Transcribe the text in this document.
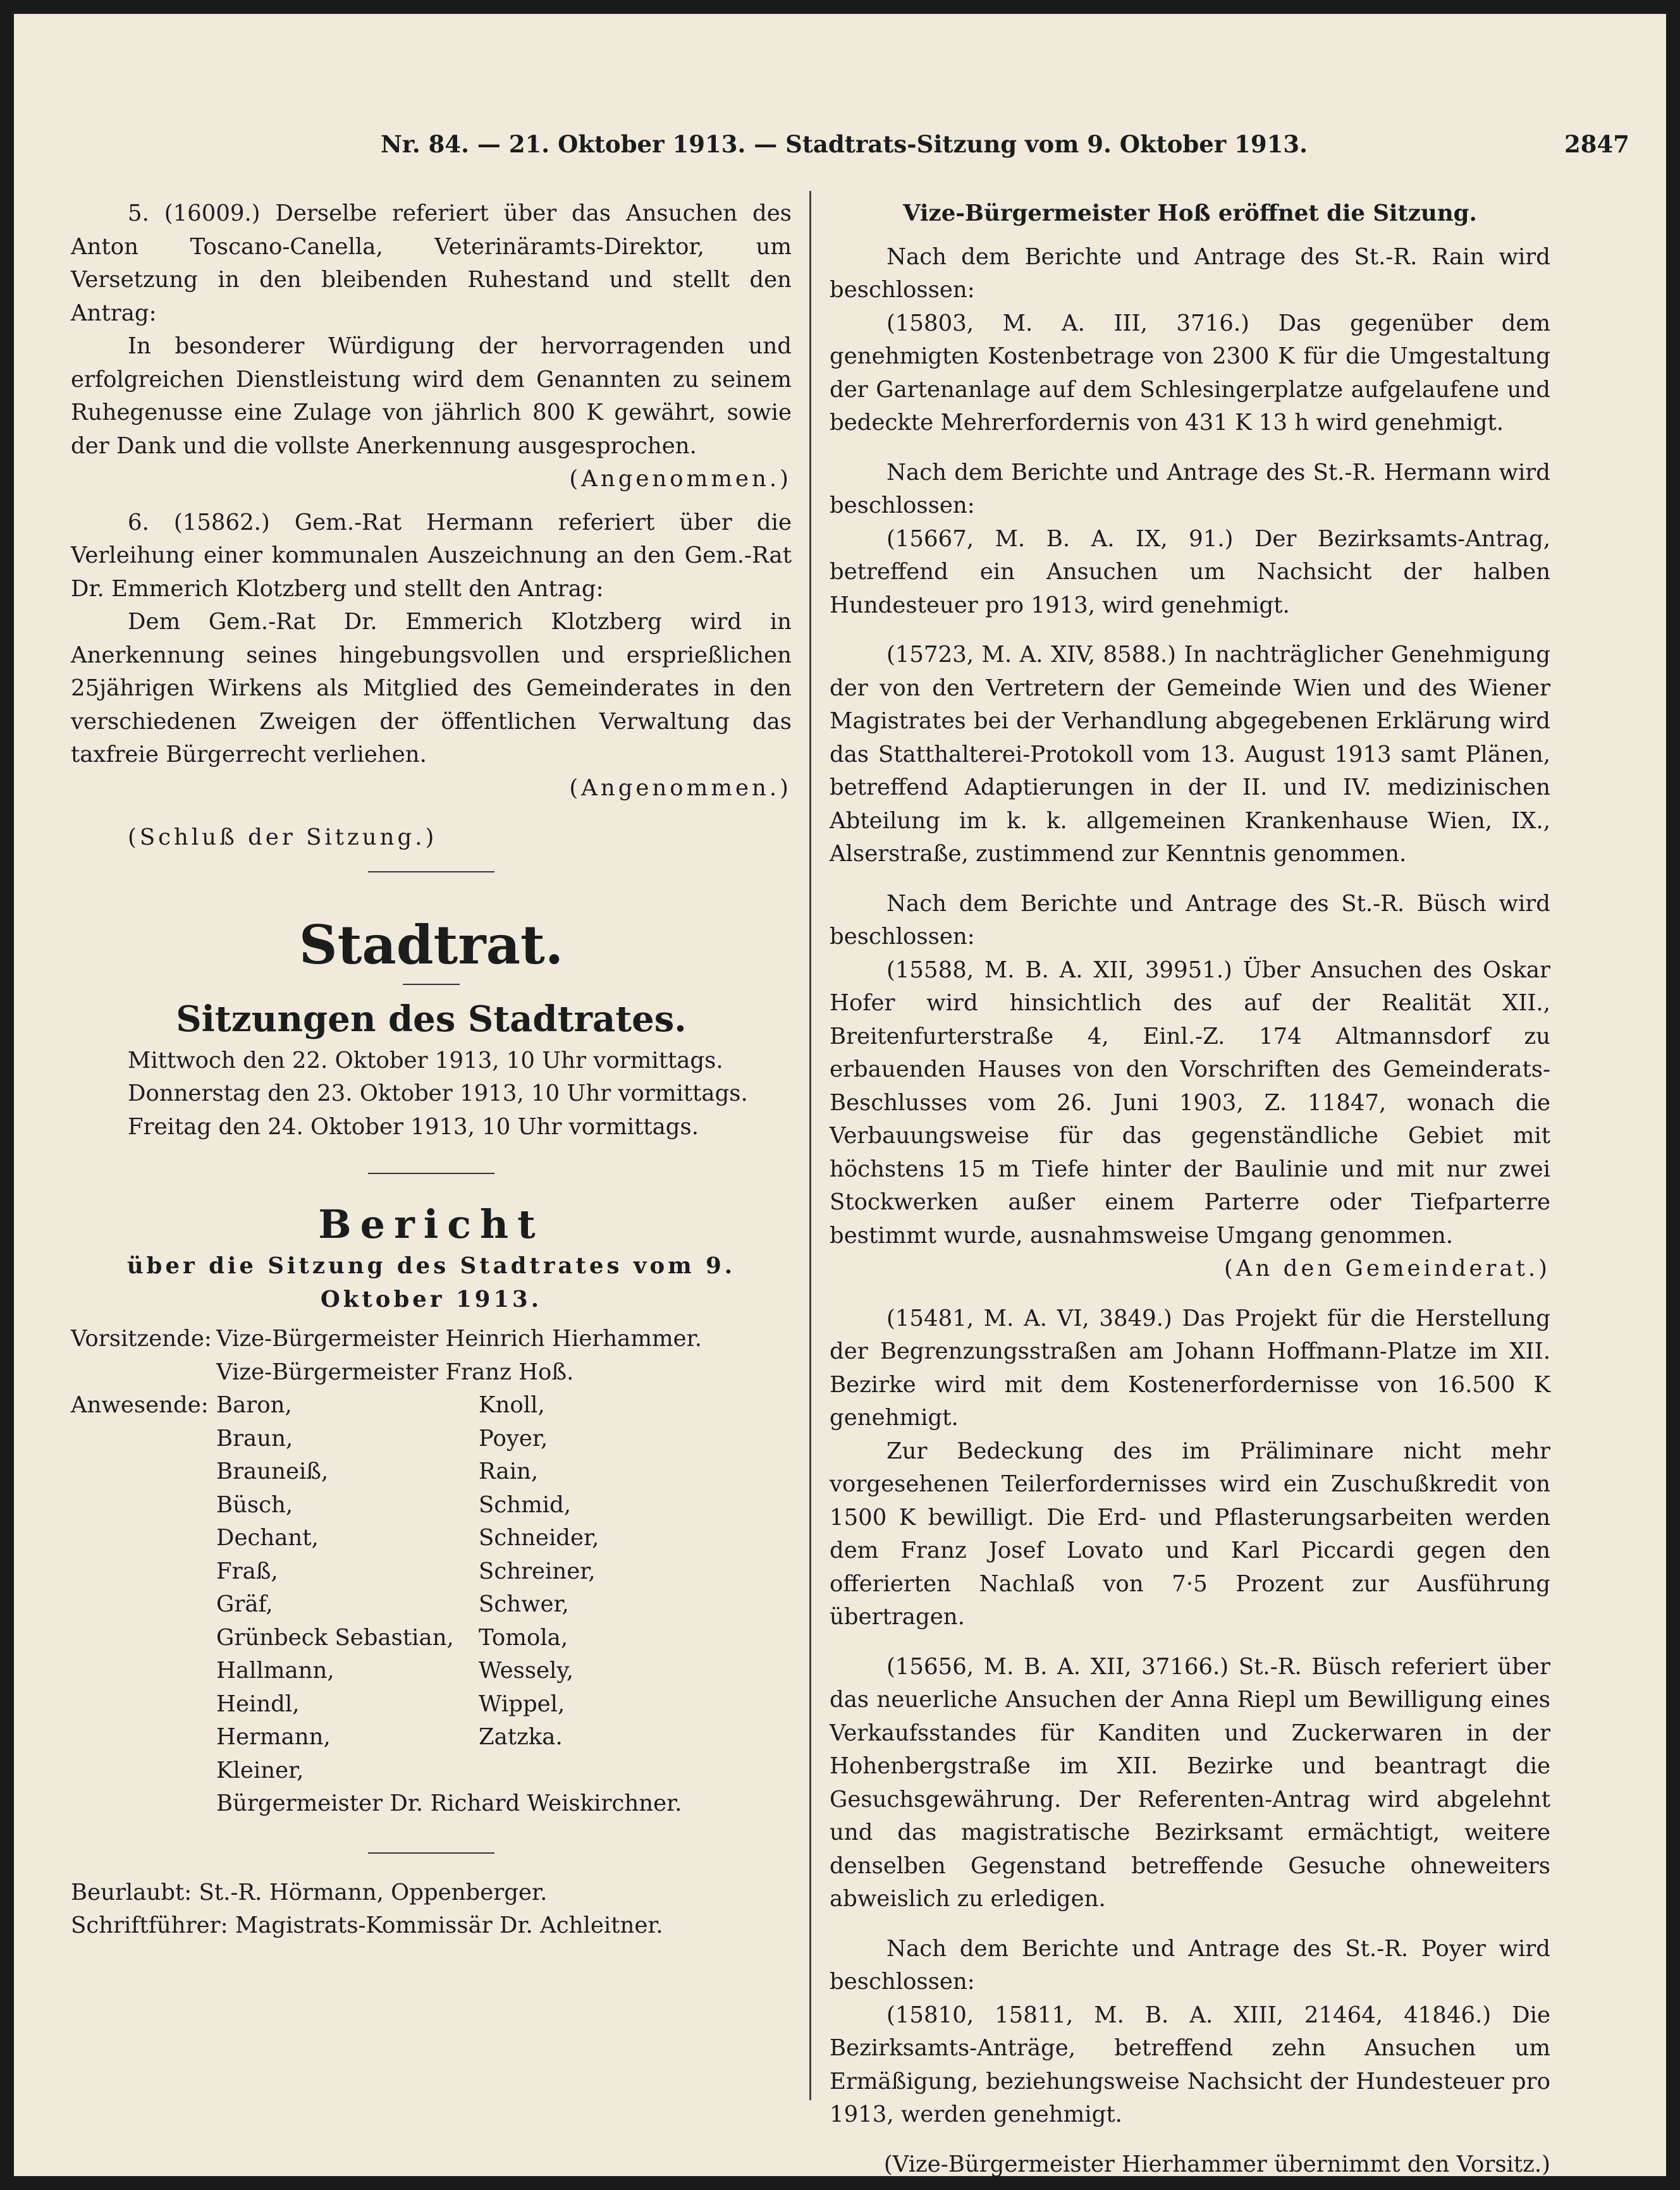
Nr. 84. — 21. Oktober 1913. — Stadtrats-Sitzung vom 9. Oktober 1913.	2847

5. (16009.) Derselbe referiert über das Ansuchen des Anton Toscano-Canella, Veterinäramts-Direktor, um Versetzung in den bleibenden Ruhestand und stellt den Antrag:

In besonderer Würdigung der hervorragenden und erfolgreichen Dienstleistung wird dem Genannten zu seinem Ruhegenusse eine Zulage von jährlich 800 K gewährt, sowie der Dank und die vollste Anerkennung ausgesprochen.

(Angenommen.)

6. (15862.) Gem.-Rat Hermann referiert über die Verleihung einer kommunalen Auszeichnung an den Gem.-Rat Dr. Emmerich Klotzberg und stellt den Antrag:

Dem Gem.-Rat Dr. Emmerich Klotzberg wird in Anerkennung seines hingebungsvollen und ersprießlichen 25jährigen Wirkens als Mitglied des Gemeinderates in den verschiedenen Zweigen der öffentlichen Verwaltung das taxfreie Bürgerrecht verliehen.

(Angenommen.)

(Schluß der Sitzung.)

Stadtrat.
Sitzungen des Stadtrates.

Mittwoch den 22. Oktober 1913, 10 Uhr vormittags.

Donnerstag den 23. Oktober 1913, 10 Uhr vormittags.

Freitag den 24. Oktober 1913, 10 Uhr vormittags.

Bericht

über die Sitzung des Stadtrates vom 9. Oktober 1913.

Vorsitzende: Vize-Bürgermeister Heinrich Hierhammer.
Vize-Bürgermeister Franz Hoß.
Anwesende: Baron,
Braun,
Brauneiß,
Büsch,
Dechant,
Fraß,
Gräf,
Grünbeck Sebastian,
Hallmann,
Heindl,
Hermann,
Kleiner,
Knoll,
Poyer,
Rain,
Schmid,
Schneider,
Schreiner,
Schwer,
Tomola,
Wessely,
Wippel,
Zatzka.
Bürgermeister Dr. Richard Weiskirchner.

Beurlaubt: St.-R. Hörmann, Oppenberger.

Schriftführer: Magistrats-Kommissär Dr. Achleitner.

Vize-Bürgermeister Hoß eröffnet die Sitzung.

Nach dem Berichte und Antrage des St.-R. Rain wird beschlossen:

(15803, M. A. III, 3716.) Das gegenüber dem genehmigten Kostenbetrage von 2300 K für die Umgestaltung der Gartenanlage auf dem Schlesingerplatze aufgelaufene und bedeckte Mehrerfordernis von 431 K 13 h wird genehmigt.

Nach dem Berichte und Antrage des St.-R. Hermann wird beschlossen:

(15667, M. B. A. IX, 91.) Der Bezirksamts-Antrag, betreffend ein Ansuchen um Nachsicht der halben Hundesteuer pro 1913, wird genehmigt.

(15723, M. A. XIV, 8588.) In nachträglicher Genehmigung der von den Vertretern der Gemeinde Wien und des Wiener Magistrates bei der Verhandlung abgegebenen Erklärung wird das Statthalterei-Protokoll vom 13. August 1913 samt Plänen, betreffend Adaptierungen in der II. und IV. medizinischen Abteilung im k. k. allgemeinen Krankenhause Wien, IX., Alserstraße, zustimmend zur Kenntnis genommen.

Nach dem Berichte und Antrage des St.-R. Büsch wird beschlossen:

(15588, M. B. A. XII, 39951.) Über Ansuchen des Oskar Hofer wird hinsichtlich des auf der Realität XII., Breitenfurterstraße 4, Einl.-Z. 174 Altmannsdorf zu erbauenden Hauses von den Vorschriften des Gemeinderats-Beschlusses vom 26. Juni 1903, Z. 11847, wonach die Verbauungsweise für das gegenständliche Gebiet mit höchstens 15 m Tiefe hinter der Baulinie und mit nur zwei Stockwerken außer einem Parterre oder Tiefparterre bestimmt wurde, ausnahmsweise Umgang genommen.

(An den Gemeinderat.)

(15481, M. A. VI, 3849.) Das Projekt für die Herstellung der Begrenzungsstraßen am Johann Hoffmann-Platze im XII. Bezirke wird mit dem Kostenerfordernisse von 16.500 K genehmigt.

Zur Bedeckung des im Präliminare nicht mehr vorgesehenen Teilerfordernisses wird ein Zuschußkredit von 1500 K bewilligt. Die Erd- und Pflasterungsarbeiten werden dem Franz Josef Lovato und Karl Piccardi gegen den offerierten Nachlaß von 7·5 Prozent zur Ausführung übertragen.

(15656, M. B. A. XII, 37166.) St.-R. Büsch referiert über das neuerliche Ansuchen der Anna Riepl um Bewilligung eines Verkaufsstandes für Kanditen und Zuckerwaren in der Hohenbergstraße im XII. Bezirke und beantragt die Gesuchsgewährung. Der Referenten-Antrag wird abgelehnt und das magistratische Bezirksamt ermächtigt, weitere denselben Gegenstand betreffende Gesuche ohneweiters abweislich zu erledigen.

Nach dem Berichte und Antrage des St.-R. Poyer wird beschlossen:

(15810, 15811, M. B. A. XIII, 21464, 41846.) Die Bezirksamts-Anträge, betreffend zehn Ansuchen um Ermäßigung, beziehungsweise Nachsicht der Hundesteuer pro 1913, werden genehmigt.

(Vize-Bürgermeister Hierhammer übernimmt den Vorsitz.)
